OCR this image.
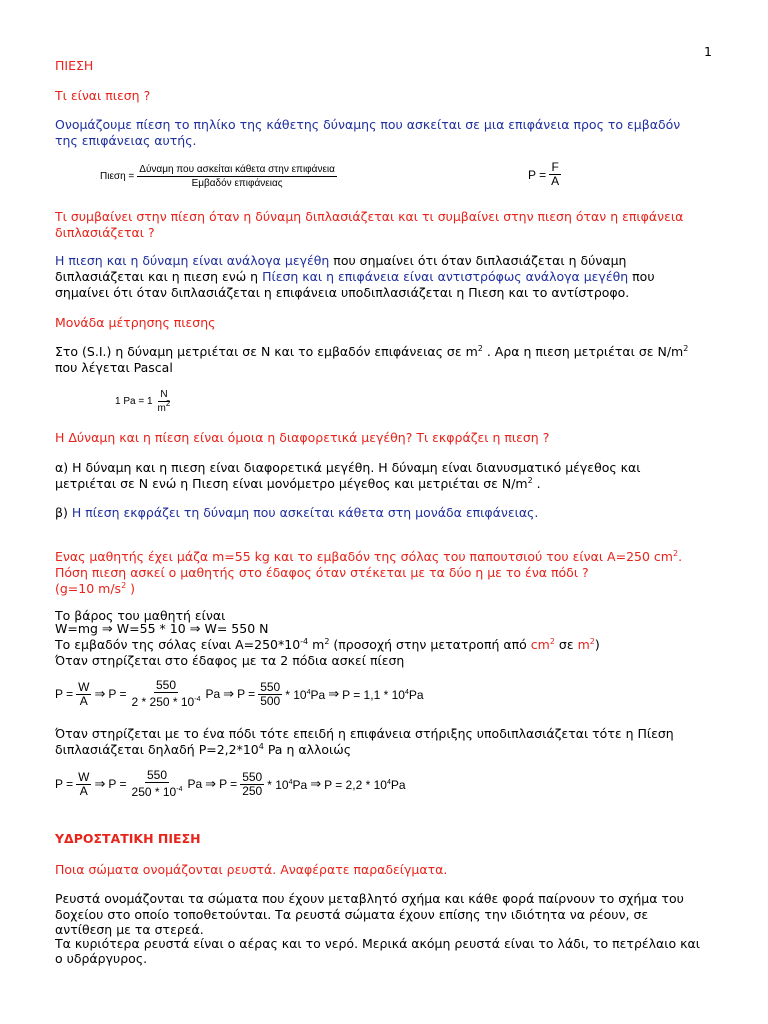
1
ΠΙΕΣΗ
Τι είναι πιεση ?
Ονομάζουμε πίεση το πηλίκο της κάθετης δύναμης που ασκείται σε μια επιφάνεια προς το εμβαδόν
της επιφάνειας αυτής.
$\Pi\iota\varepsilon\sigma\eta = \frac{\text{Δύναμη που ασκείται κάθετα στην επιφάνεια}}{\text{Εμβαδόν επιφάνειας}}$	$P = \frac{F}{A}$
Τι συμβαίνει στην πίεση όταν η δύναμη διπλασιάζεται και τι συμβαίνει στην πιεση όταν η επιφάνεια
διπλασιάζεται ?
Η πιεση και η δύναμη είναι ανάλογα μεγέθη που σημαίνει ότι όταν διπλασιάζεται η δύναμη
διπλασιάζεται και η πιεση ενώ η Πίεση και η επιφάνεια είναι αντιστρόφως ανάλογα μεγέθη που
σημαίνει ότι όταν διπλασιάζεται η επιφάνεια υποδιπλασιάζεται η Πιεση και το αντίστροφο.
Μονάδα μέτρησης πιεσης
Στο (S.I.) η δύναμη μετριέται σε N και το εμβαδόν επιφάνειας σε $m^2$ . Αρα η πιεση μετριέται σε $N/m^2$
που λέγεται Pascal
1 $Pa = 1 \frac{N}{m^2}$
Η Δύναμη και η πίεση είναι όμοια η διαφορετικά μεγέθη? Τι εκφράζει η πιεση ?
α) Η δύναμη και η πιεση είναι διαφορετικά μεγέθη. Η δύναμη είναι διανυσματικό μέγεθος και
μετριέται σε N ενώ η Πιεση είναι μονόμετρο μέγεθος και μετριέται σε $N/m^2$ .
β) Η πίεση εκφράζει τη δύναμη που ασκείται κάθετα στη μονάδα επιφάνειας.
Ενας μαθητής έχει μάζα m=55 kg και το εμβαδόν της σόλας του παπουτσιού του είναι A=250 $cm^2$.
Πόση πιεση ασκεί ο μαθητής στο έδαφος όταν στέκεται με τα δύο η με το ένα πόδι ?
(g=10 $m/s^2$ )
Το βάρος του μαθητή είναι
W=mg ⇒ W=55 * 10 ⇒ W= 550 N
Το εμβαδόν της σόλας είναι $A=250*10^{-4}$ $m^2$ (προσοχή στην μετατροπή από $cm^2$ σε $m^2$)
Όταν στηρίζεται στο έδαφος με τα 2 πόδια ασκεί πίεση
$P = \frac{W}{A}$ ⇒ $P = \frac{550}{2 * 250 * 10^{-4}}$ Pa ⇒ $P = \frac{550}{500} * 10^4Pa$ ⇒ $P = 1,1 * 10^4Pa$
Όταν στηρίζεται με το ένα πόδι τότε επειδή η επιφάνεια στήριξης υποδιπλασιάζεται τότε η Πίεση
διπλασιάζεται δηλαδή $P=2,2*10^4$ Pa η αλλοιώς
$P = \frac{W}{A}$ ⇒ $P = \frac{550}{250 * 10^{-4}}$ Pa ⇒ $P = \frac{550}{250} * 10^4Pa$ ⇒ $P = 2,2 * 10^4Pa$
ΥΔΡΟΣΤΑΤΙΚΗ ΠΙΕΣΗ
Ποια σώματα ονομάζονται ρευστά. Αναφέρατε παραδείγματα.
Ρευστά ονομάζονται τα σώματα που έχουν μεταβλητό σχήμα και κάθε φορά παίρνουν το σχήμα του
δοχείου στο οποίο τοποθετούνται. Τα ρευστά σώματα έχουν επίσης την ιδιότητα να ρέουν, σε
αντίθεση με τα στερεά.
Τα κυριότερα ρευστά είναι ο αέρας και το νερό. Μερικά ακόμη ρευστά είναι το λάδι, το πετρέλαιο και
ο υδράργυρος.
